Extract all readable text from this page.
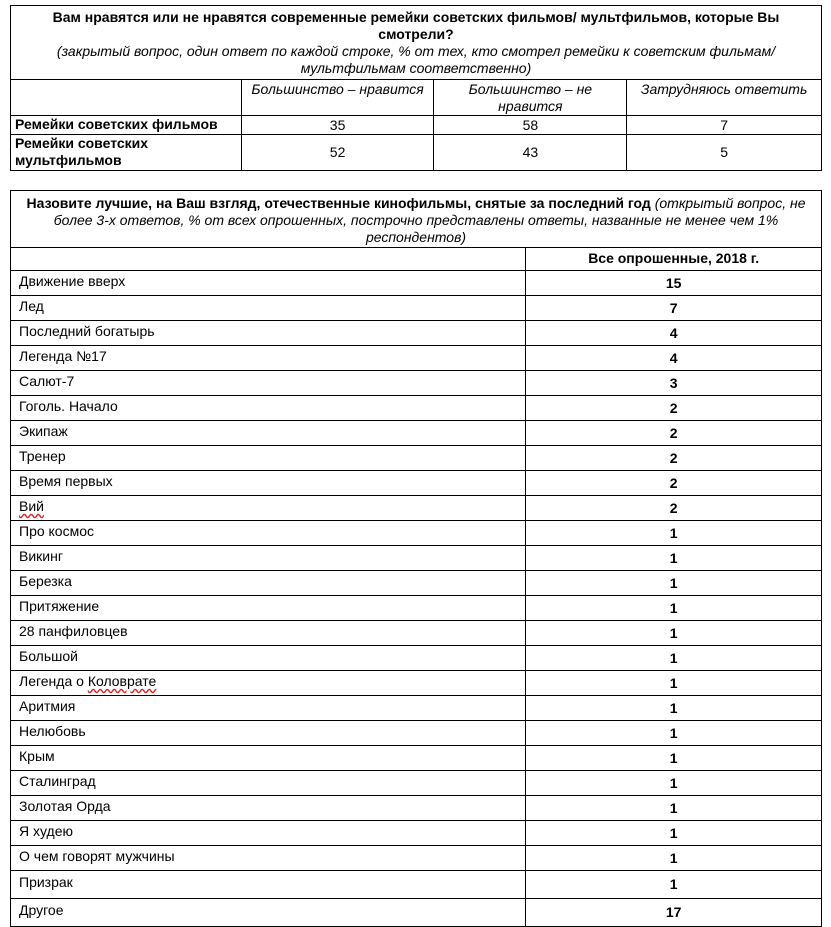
Вам нравятся или не нравятся современные ремейки советских фильмов/ мультфильмов, которые Вы смотрели?
(закрытый вопрос, один ответ по каждой строке, % от тех, кто смотрел ремейки к советским фильмам/мультфильмам соответственно)			
	Большинство – нравится	Большинство – не нравится	Затрудняюсь ответить
Ремейки советских фильмов	35	58	7
Ремейки советских мультфильмов	52	43	5
Назовите лучшие, на Ваш взгляд, отечественные кинофильмы, снятые за последний год (открытый вопрос, не более 3-х ответов, % от всех опрошенных, построчно представлены ответы, названные не менее чем 1% респондентов)	
	Все опрошенные, 2018 г.
Движение вверх	15
Лед	7
Последний богатырь	4
Легенда №17	4
Салют-7	3
Гоголь. Начало	2
Экипаж	2
Тренер	2
Время первых	2
Вий	2
Про космос	1
Викинг	1
Березка	1
Притяжение	1
28 панфиловцев	1
Большой	1
Легенда о Коловрате	1
Аритмия	1
Нелюбовь	1
Крым	1
Сталинград	1
Золотая Орда	1
Я худею	1
О чем говорят мужчины	1
Призрак	1
Другое	17
